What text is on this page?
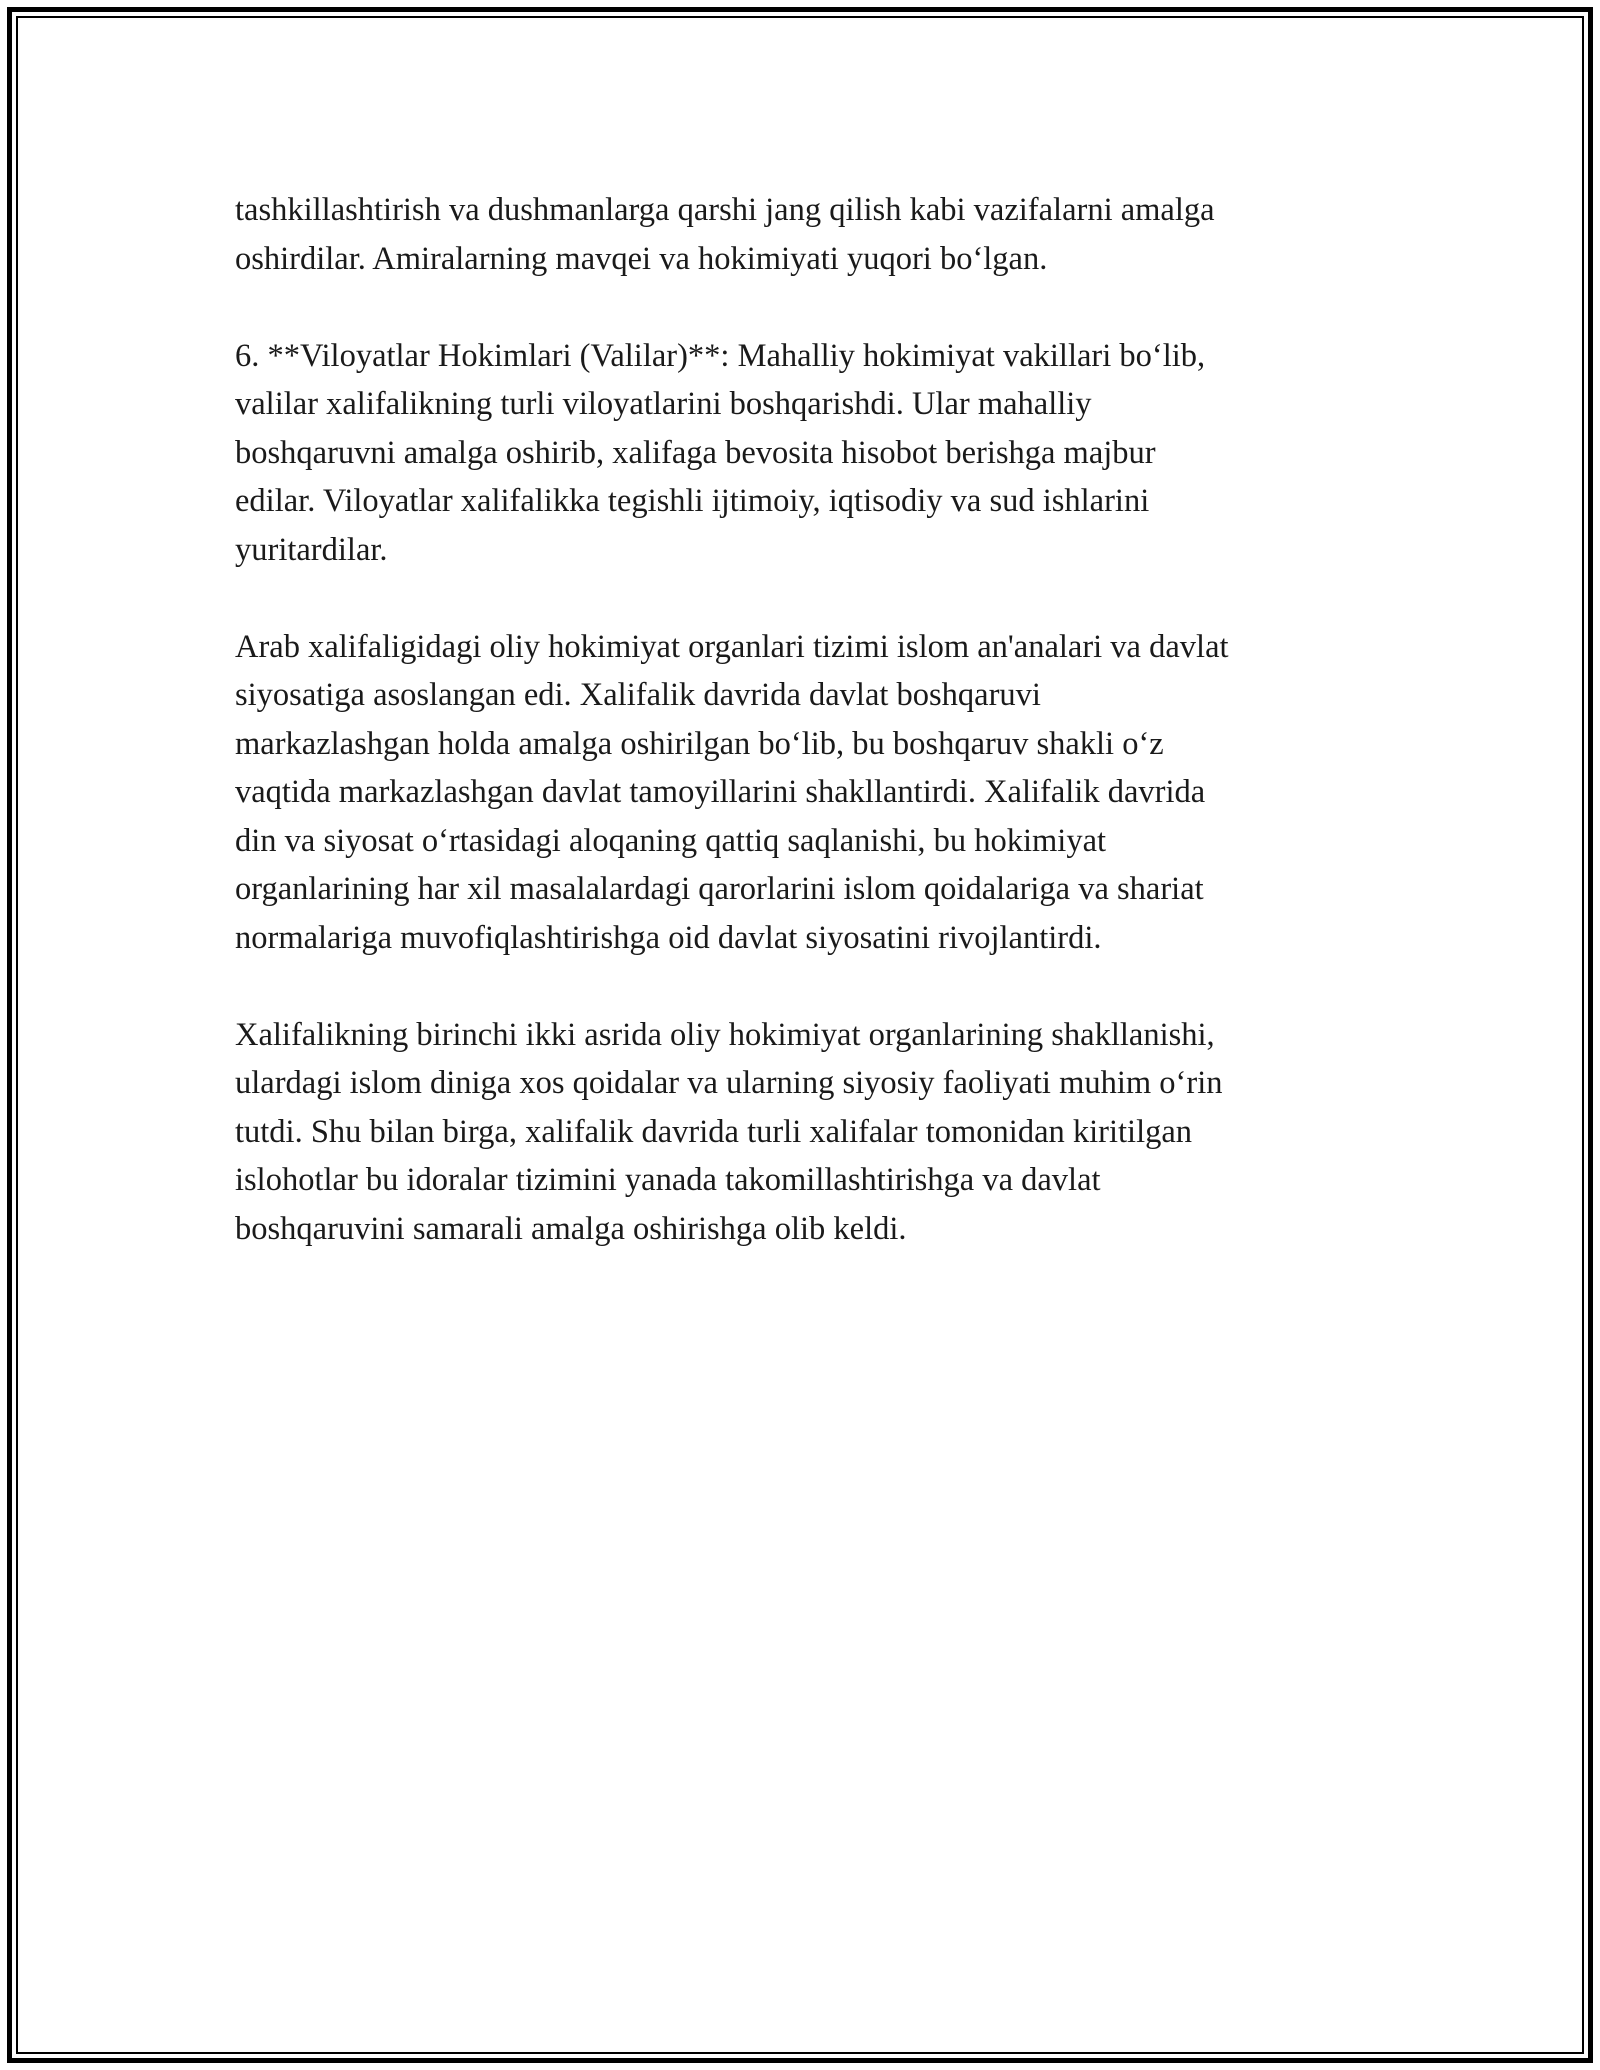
tashkillashtirish va dushmanlarga qarshi jang qilish kabi vazifalarni amalga
oshirdilar. Amiralarning mavqei va hokimiyati yuqori bo‘lgan.

6. **Viloyatlar Hokimlari (Valilar)**: Mahalliy hokimiyat vakillari bo‘lib,
valilar xalifalikning turli viloyatlarini boshqarishdi. Ular mahalliy
boshqaruvni amalga oshirib, xalifaga bevosita hisobot berishga majbur
edilar. Viloyatlar xalifalikka tegishli ijtimoiy, iqtisodiy va sud ishlarini
yuritardilar.

Arab xalifaligidagi oliy hokimiyat organlari tizimi islom an'analari va davlat
siyosatiga asoslangan edi. Xalifalik davrida davlat boshqaruvi
markazlashgan holda amalga oshirilgan bo‘lib, bu boshqaruv shakli o‘z
vaqtida markazlashgan davlat tamoyillarini shakllantirdi. Xalifalik davrida
din va siyosat o‘rtasidagi aloqaning qattiq saqlanishi, bu hokimiyat
organlarining har xil masalalardagi qarorlarini islom qoidalariga va shariat
normalariga muvofiqlashtirishga oid davlat siyosatini rivojlantirdi.

Xalifalikning birinchi ikki asrida oliy hokimiyat organlarining shakllanishi,
ulardagi islom diniga xos qoidalar va ularning siyosiy faoliyati muhim o‘rin
tutdi. Shu bilan birga, xalifalik davrida turli xalifalar tomonidan kiritilgan
islohotlar bu idoralar tizimini yanada takomillashtirishga va davlat
boshqaruvini samarali amalga oshirishga olib keldi.
